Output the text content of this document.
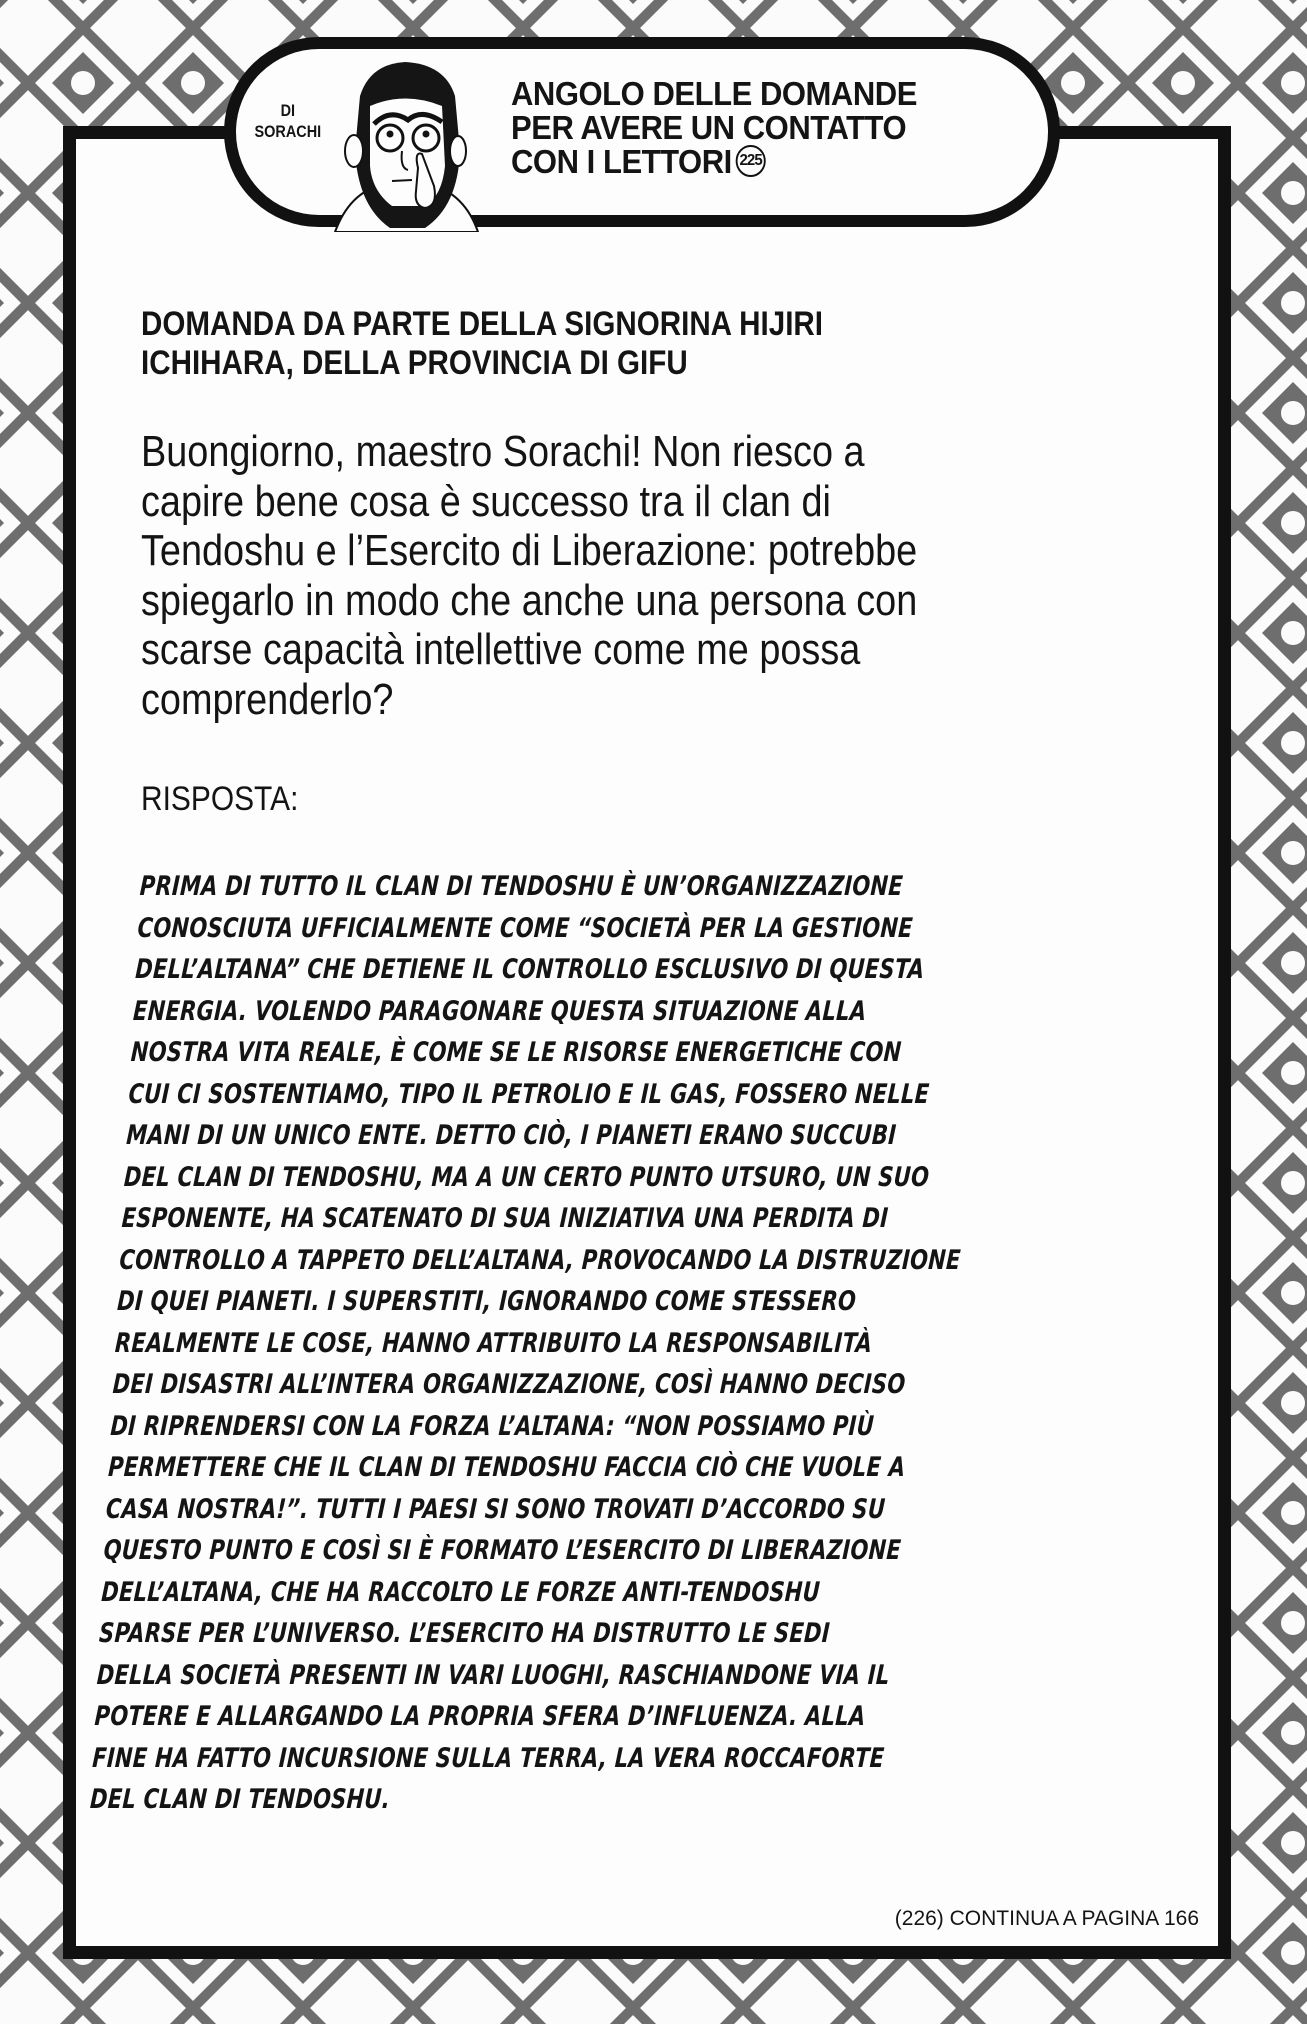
DI
SORACHI
ANGOLO DELLE DOMANDE
PER AVERE UN CONTATTO
CON I LETTORI 225
DOMANDA DA PARTE DELLA SIGNORINA HIJIRI
ICHIHARA, DELLA PROVINCIA DI GIFU
Buongiorno, maestro Sorachi! Non riesco a
capire bene cosa è successo tra il clan di
Tendoshu e l’Esercito di Liberazione: potrebbe
spiegarlo in modo che anche una persona con
scarse capacità intellettive come me possa
comprenderlo?
RISPOSTA:
PRIMA DI TUTTO IL CLAN DI TENDOSHU È UN’ORGANIZZAZIONE
CONOSCIUTA UFFICIALMENTE COME “SOCIETÀ PER LA GESTIONE
DELL’ALTANA” CHE DETIENE IL CONTROLLO ESCLUSIVO DI QUESTA
ENERGIA. VOLENDO PARAGONARE QUESTA SITUAZIONE ALLA
NOSTRA VITA REALE, È COME SE LE RISORSE ENERGETICHE CON
CUI CI SOSTENTIAMO, TIPO IL PETROLIO E IL GAS, FOSSERO NELLE
MANI DI UN UNICO ENTE. DETTO CIÒ, I PIANETI ERANO SUCCUBI
DEL CLAN DI TENDOSHU, MA A UN CERTO PUNTO UTSURO, UN SUO
ESPONENTE, HA SCATENATO DI SUA INIZIATIVA UNA PERDITA DI
CONTROLLO A TAPPETO DELL’ALTANA, PROVOCANDO LA DISTRUZIONE
DI QUEI PIANETI. I SUPERSTITI, IGNORANDO COME STESSERO
REALMENTE LE COSE, HANNO ATTRIBUITO LA RESPONSABILITÀ
DEI DISASTRI ALL’INTERA ORGANIZZAZIONE, COSÌ HANNO DECISO
DI RIPRENDERSI CON LA FORZA L’ALTANA: “NON POSSIAMO PIÙ
PERMETTERE CHE IL CLAN DI TENDOSHU FACCIA CIÒ CHE VUOLE A
CASA NOSTRA!”. TUTTI I PAESI SI SONO TROVATI D’ACCORDO SU
QUESTO PUNTO E COSÌ SI È FORMATO L’ESERCITO DI LIBERAZIONE
DELL’ALTANA, CHE HA RACCOLTO LE FORZE ANTI-TENDOSHU
SPARSE PER L’UNIVERSO. L’ESERCITO HA DISTRUTTO LE SEDI
DELLA SOCIETÀ PRESENTI IN VARI LUOGHI, RASCHIANDONE VIA IL
POTERE E ALLARGANDO LA PROPRIA SFERA D’INFLUENZA. ALLA
FINE HA FATTO INCURSIONE SULLA TERRA, LA VERA ROCCAFORTE
DEL CLAN DI TENDOSHU.
(226) CONTINUA A PAGINA 166
